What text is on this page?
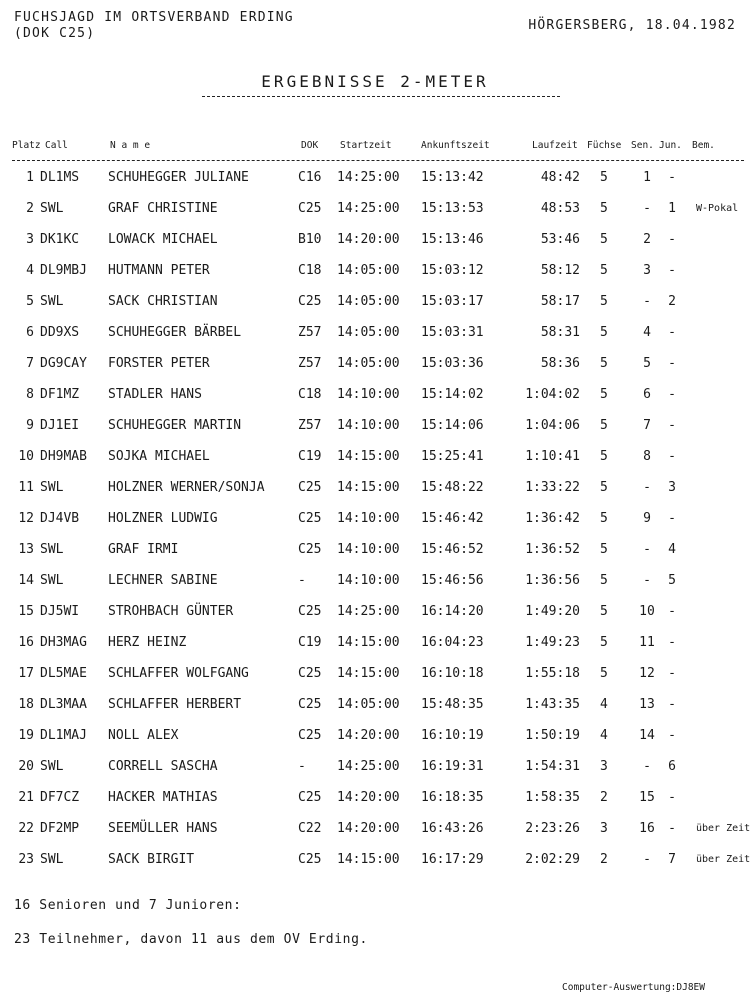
FUCHSJAGD IM ORTSVERBAND ERDING
(DOK C25)
HÖRGERSBERG, 18.04.1982
ERGEBNISSE 2-METER
Platz Call	N a m e	DOK Startzeit	Ankunftszeit	Laufzeit Füchse Sen. Jun. Bem.
1 DL1MS SCHUHEGGER JULIANE	C16 14:25:00 15:13:42	48:42 5	1	-
2 SWL	GRAF CHRISTINE	C25 14:25:00 15:13:53	48:53 5	-	1	W-Pokal
3 DK1KC LOWACK MICHAEL	B10 14:20:00 15:13:46	53:46 5	2	-
4 DL9MBJ HUTMANN PETER	C18 14:05:00 15:03:12	58:12 5	3	-
5 SWL	SACK CHRISTIAN	C25 14:05:00 15:03:17	58:17 5	-	2
6 DD9XS SCHUHEGGER BÄRBEL	Z57 14:05:00 15:03:31	58:31 5	4	-
7 DG9CAY FORSTER PETER	Z57 14:05:00 15:03:36	58:36 5	5	-
8 DF1MZ STADLER HANS	C18 14:10:00 15:14:02	1:04:02 5	6	-
9 DJ1EI SCHUHEGGER MARTIN	Z57 14:10:00 15:14:06	1:04:06 5	7	-
10 DH9MAB SOJKA MICHAEL	C19 14:15:00 15:25:41	1:10:41 5	8	-
11 SWL	HOLZNER WERNER/SONJA	C25 14:15:00 15:48:22	1:33:22 5	-	3
12 DJ4VB HOLZNER LUDWIG	C25 14:10:00 15:46:42	1:36:42 5	9	-
13 SWL	GRAF IRMI	C25 14:10:00 15:46:52	1:36:52 5	-	4
14 SWL	LECHNER SABINE	- 14:10:00 15:46:56	1:36:56 5	-	5
15 DJ5WI STROHBACH GÜNTER	C25 14:25:00 16:14:20	1:49:20 5	10	-
16 DH3MAG HERZ HEINZ	C19 14:15:00 16:04:23	1:49:23 5	11	-
17 DL5MAE SCHLAFFER WOLFGANG	C25 14:15:00 16:10:18	1:55:18 5	12	-
18 DL3MAA SCHLAFFER HERBERT	C25 14:05:00 15:48:35	1:43:35 4	13	-
19 DL1MAJ NOLL ALEX	C25 14:20:00 16:10:19	1:50:19 4	14	-
20 SWL	CORRELL SASCHA	- 14:25:00 16:19:31	1:54:31 3	-	6
21 DF7CZ HACKER MATHIAS	C25 14:20:00 16:18:35	1:58:35 2	15	-
22 DF2MP SEEMÜLLER HANS	C22 14:20:00 16:43:26	2:23:26 3	16	-	über Zeit
23 SWL	SACK BIRGIT	C25 14:15:00 16:17:29	2:02:29 2	-	7	über Zeit
16 Senioren und 7 Junioren:
23 Teilnehmer, davon 11 aus dem OV Erding.
Computer-Auswertung:DJ8EW
